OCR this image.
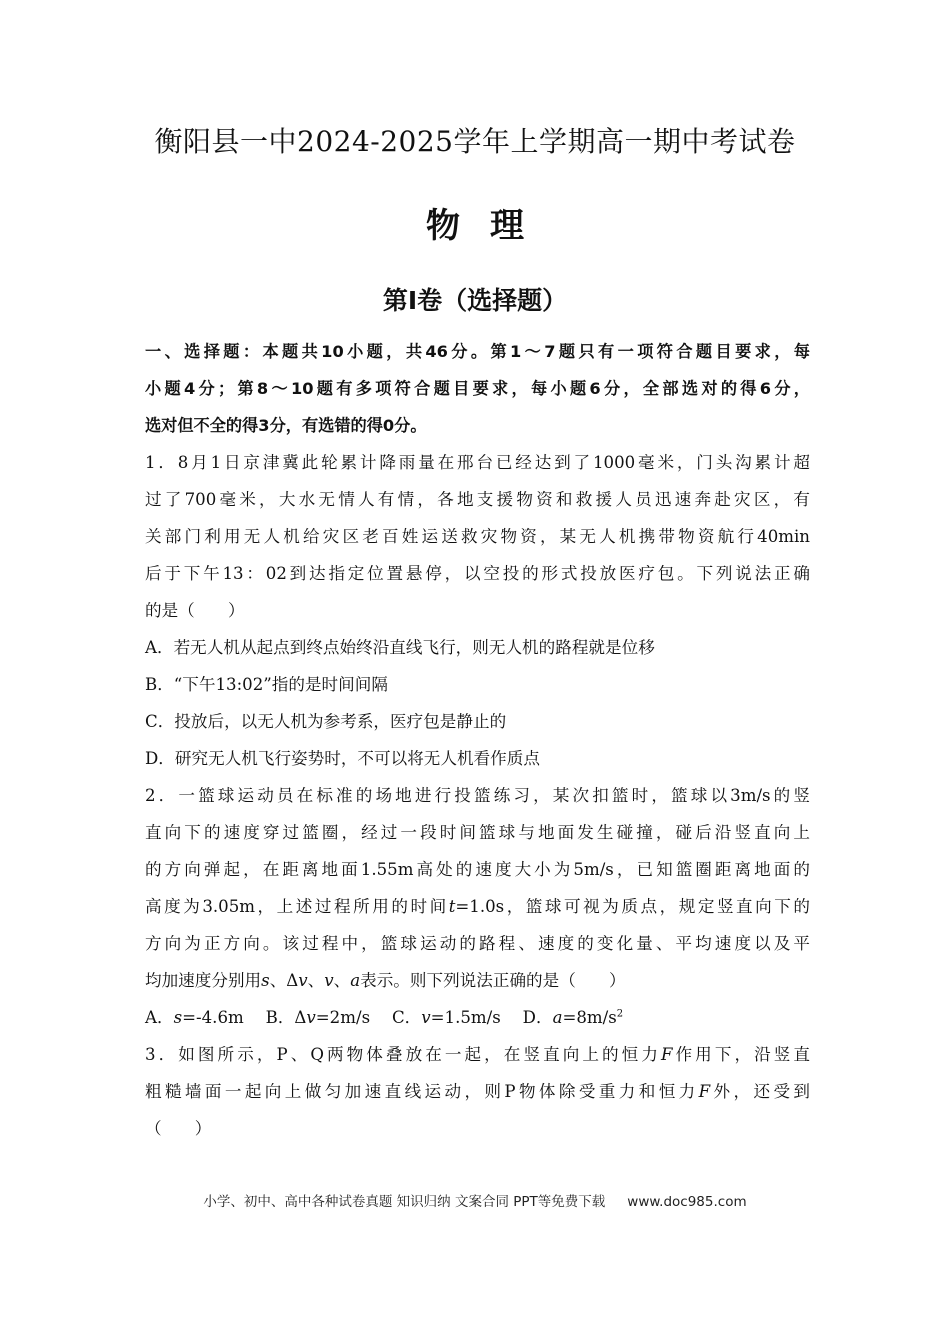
衡阳县一中2024-2025学年上学期高一期中考试卷
物理
第Ⅰ卷（选择题）
一、选择题：本题共10小题，共46分。第1～7题只有一项符合题目要求，每
小题4分；第8～10题有多项符合题目要求，每小题6分，全部选对的得6分，
选对但不全的得3分，有选错的得0分。
1．8月1日京津冀此轮累计降雨量在邢台已经达到了1000毫米，门头沟累计超
过了700毫米，大水无情人有情，各地支援物资和救援人员迅速奔赴灾区，有
关部门利用无人机给灾区老百姓运送救灾物资，某无人机携带物资航行40min
后于下午13：02到达指定位置悬停，以空投的形式投放医疗包。下列说法正确
的是（　　）
A．若无人机从起点到终点始终沿直线飞行，则无人机的路程就是位移
B．“下午13:02”指的是时间间隔
C．投放后，以无人机为参考系，医疗包是静止的
D．研究无人机飞行姿势时，不可以将无人机看作质点
2．一篮球运动员在标准的场地进行投篮练习，某次扣篮时，篮球以3m/s的竖
直向下的速度穿过篮圈，经过一段时间篮球与地面发生碰撞，碰后沿竖直向上
的方向弹起，在距离地面1.55m高处的速度大小为5m/s，已知篮圈距离地面的
高度为3.05m，上述过程所用的时间t=1.0s，篮球可视为质点，规定竖直向下的
方向为正方向。该过程中，篮球运动的路程、速度的变化量、平均速度以及平
均加速度分别用s、Δv、v、a表示。则下列说法正确的是（　　）
A．s=-4.6m  B．Δv=2m/s  C．v=1.5m/s  D．$a=8m/s^2$
3．如图所示，P、Q两物体叠放在一起，在竖直向上的恒力F作用下，沿竖直
粗糙墙面一起向上做匀加速直线运动，则P物体除受重力和恒力F外，还受到
（　　）
小学、初中、高中各种试卷真题 知识归纳 文案合同 PPT等免费下载 www.doc985.com
